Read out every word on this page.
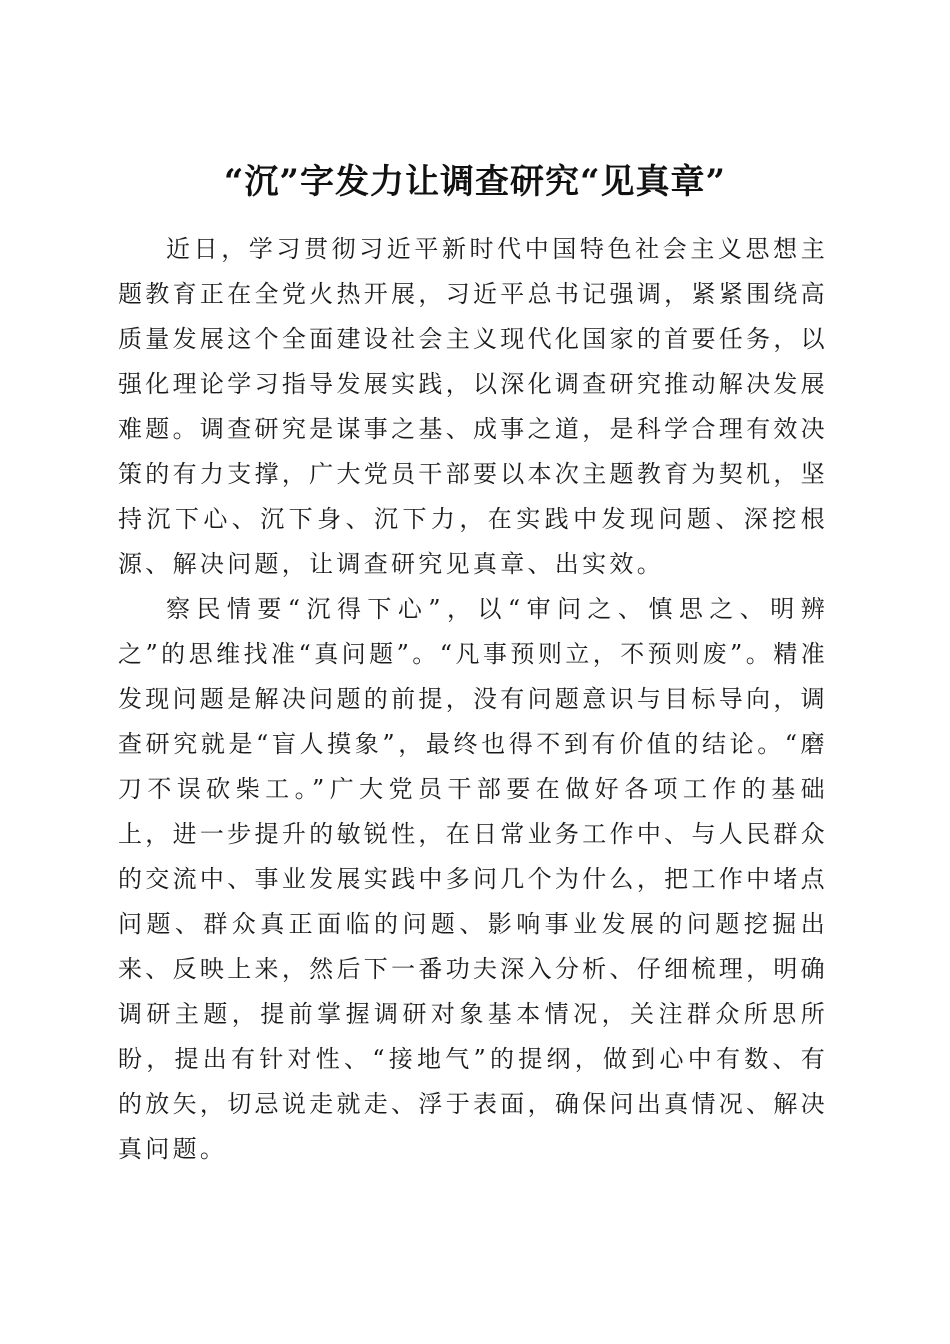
“沉”字发力让调查研究“见真章”

近日，学习贯彻习近平新时代中国特色社会主义思想主题教育正在全党火热开展，习近平总书记强调，紧紧围绕高质量发展这个全面建设社会主义现代化国家的首要任务，以强化理论学习指导发展实践，以深化调查研究推动解决发展难题。调查研究是谋事之基、成事之道，是科学合理有效决策的有力支撑，广大党员干部要以本次主题教育为契机，坚持沉下心、沉下身、沉下力，在实践中发现问题、深挖根源、解决问题，让调查研究见真章、出实效。

察民情要“沉得下心”，以“审问之、慎思之、明辨之”的思维找准“真问题”。“凡事预则立，不预则废”。精准发现问题是解决问题的前提，没有问题意识与目标导向，调查研究就是“盲人摸象”，最终也得不到有价值的结论。“磨刀不误砍柴工。”广大党员干部要在做好各项工作的基础上，进一步提升的敏锐性，在日常业务工作中、与人民群众的交流中、事业发展实践中多问几个为什么，把工作中堵点问题、群众真正面临的问题、影响事业发展的问题挖掘出来、反映上来，然后下一番功夫深入分析、仔细梳理，明确调研主题，提前掌握调研对象基本情况，关注群众所思所盼，提出有针对性、“接地气”的提纲，做到心中有数、有的放矢，切忌说走就走、浮于表面，确保问出真情况、解决真问题。
